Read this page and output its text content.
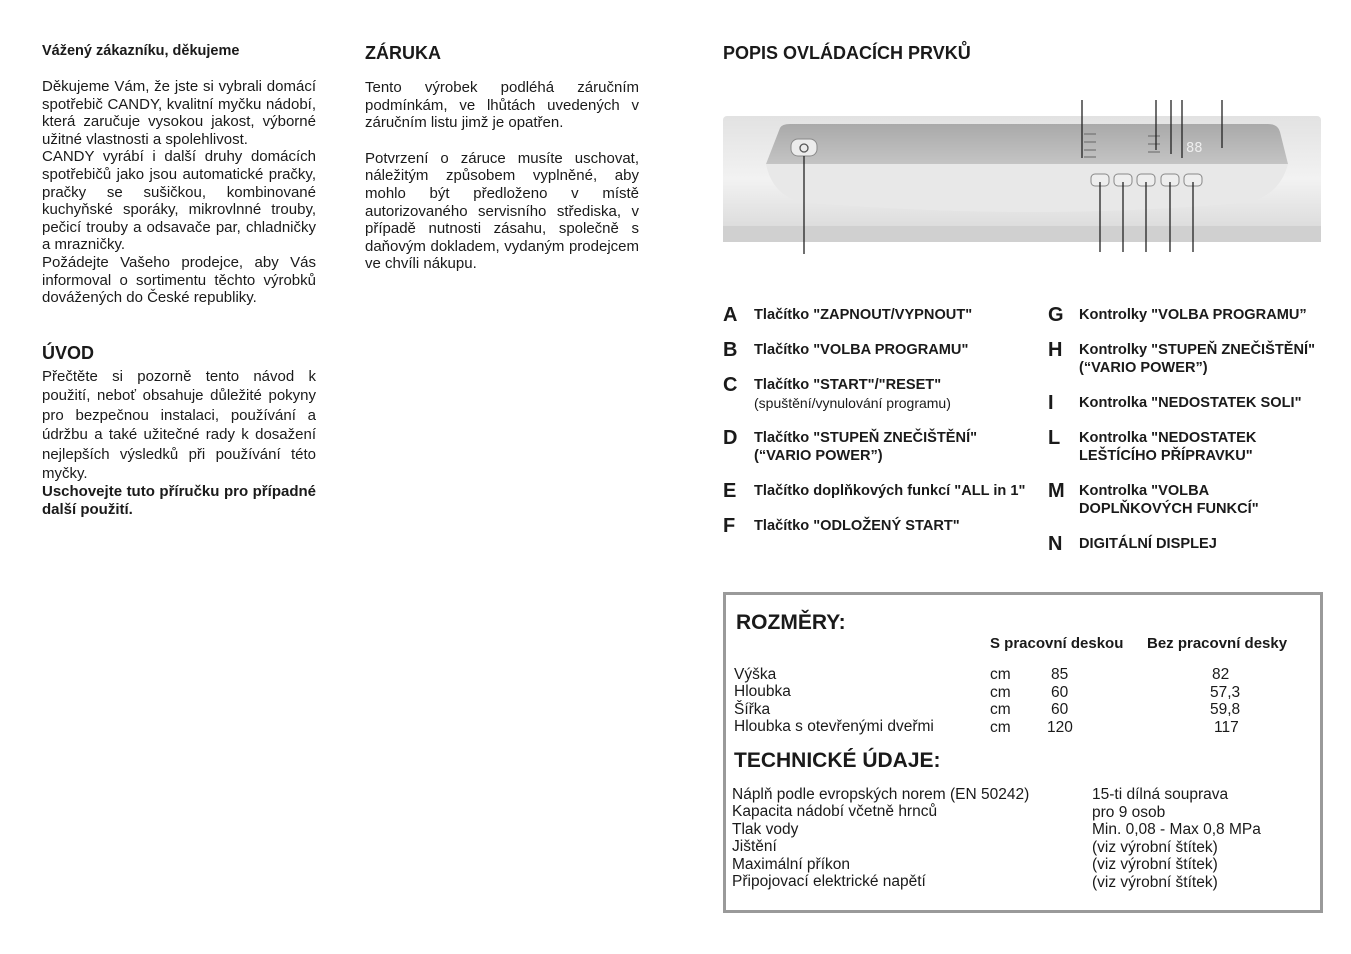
Vážený zákazníku, děkujeme

Děkujeme Vám, že jste si vybrali domácí spotřebič CANDY, kvalitní myčku nádobí, která zaručuje vysokou jakost, výborné užitné vlastnosti a spolehlivost.

CANDY vyrábí i další druhy domácích spotřebičů jako jsou automatické pračky, pračky se sušičkou, kombinované kuchyňské sporáky, mikrovlnné trouby, pečicí trouby a odsavače par, chladničky a mrazničky.

Požádejte Vašeho prodejce, aby Vás informoval o sortimentu těchto výrobků dovážených do České republiky.

ÚVOD

Přečtěte si pozorně tento návod k použití, neboť obsahuje důležité pokyny pro bezpečnou instalaci, používání a údržbu a také užitečné rady k dosažení nejlepších výsledků při používání této myčky.

Uschovejte tuto příručku pro případné další použití.

ZÁRUKA

Tento výrobek podléhá záručním podmínkám, ve lhůtách uvedených v záručním listu jimž je opatřen.

Potvrzení o záruce musíte uschovat, náležitým způsobem vyplněné, aby mohlo být předloženo v místě autorizovaného servisního střediska, v případě nutnosti zásahu, společně s daňovým dokladem, vydaným prodejcem ve chvíli nákupu.

POPIS OVLÁDACÍCH PRVKŮ
88
A Tlačítko "ZAPNOUT/VYPNOUT"
B Tlačítko "VOLBA PROGRAMU"
C Tlačítko "START"/"RESET"
(spuštění/vynulování programu)
D Tlačítko "STUPEŇ ZNEČIŠTĚNÍ"
(“VARIO POWER”)
E Tlačítko doplňkových funkcí "ALL in 1"
F Tlačítko "ODLOŽENÝ START"
G Kontrolky "VOLBA PROGRAMU”
H Kontrolky "STUPEŇ ZNEČIŠTĚNÍ"
(“VARIO POWER”)
I Kontrolka "NEDOSTATEK SOLI"
L Kontrolka "NEDOSTATEK
LEŠTÍCÍHO PŘÍPRAVKU"
M Kontrolka "VOLBA
DOPLŇKOVÝCH FUNKCÍ"
N DIGITÁLNÍ DISPLEJ
ROZMĚRY:
S pracovní deskou Bez pracovní desky
Výška	cm	85	82
Hloubka	cm	60	57,3
Šířka	cm	60	59,8
Hloubka s otevřenými dveřmi	cm 120	117
TECHNICKÉ ÚDAJE:
Náplň podle evropských norem (EN 50242)	15-ti dílná souprava
Kapacita nádobí včetně hrnců	pro 9 osob
Tlak vody	Min. 0,08 - Max 0,8 MPa
Jištění	(viz výrobní štítek)
Maximální příkon	(viz výrobní štítek)
Připojovací elektrické napětí	(viz výrobní štítek)
